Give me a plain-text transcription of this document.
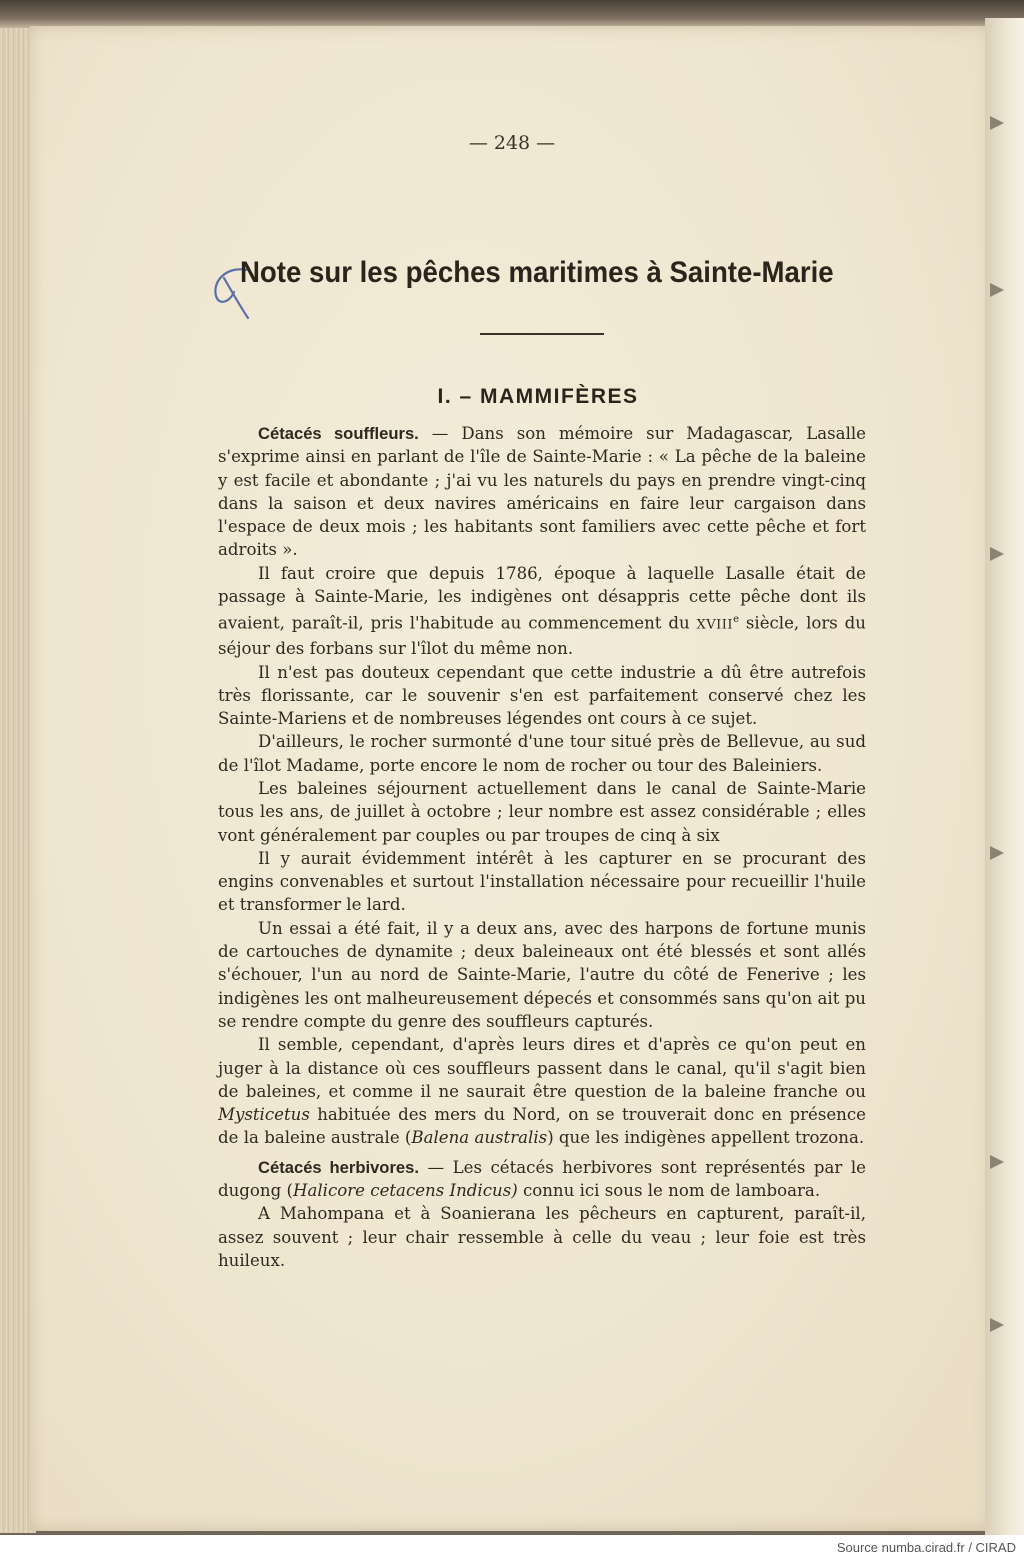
— 248 —
Note sur les pêches maritimes à Sainte-Marie
I. – MAMMIFÈRES

Cétacés souffleurs. — Dans son mémoire sur Madagascar, Lasalle s'exprime ainsi en parlant de l'île de Sainte-Marie : « La pêche de la baleine y est facile et abondante ; j'ai vu les naturels du pays en prendre vingt-cinq dans la saison et deux navires américains en faire leur cargaison dans l'espace de deux mois ; les habitants sont familiers avec cette pêche et fort adroits ».

Il faut croire que depuis 1786, époque à laquelle Lasalle était de passage à Sainte-Marie, les indigènes ont désappris cette pêche dont ils avaient, paraît-il, pris l'habitude au commencement du XVIIIe siècle, lors du séjour des forbans sur l'îlot du même non.

Il n'est pas douteux cependant que cette industrie a dû être autrefois très florissante, car le souvenir s'en est parfaitement conservé chez les Sainte-Mariens et de nombreuses légendes ont cours à ce sujet.

D'ailleurs, le rocher surmonté d'une tour situé près de Bellevue, au sud de l'îlot Madame, porte encore le nom de rocher ou tour des Baleiniers.

Les baleines séjournent actuellement dans le canal de Sainte-Marie tous les ans, de juillet à octobre ; leur nombre est assez considérable ; elles vont généralement par couples ou par troupes de cinq à six

Il y aurait évidemment intérêt à les capturer en se procurant des engins convenables et surtout l'installation nécessaire pour recueillir l'huile et transformer le lard.

Un essai a été fait, il y a deux ans, avec des harpons de fortune munis de cartouches de dynamite ; deux baleineaux ont été blessés et sont allés s'échouer, l'un au nord de Sainte-Marie, l'autre du côté de Fenerive ; les indigènes les ont malheureusement dépecés et consommés sans qu'on ait pu se rendre compte du genre des souffleurs capturés.

Il semble, cependant, d'après leurs dires et d'après ce qu'on peut en juger à la distance où ces souffleurs passent dans le canal, qu'il s'agit bien de baleines, et comme il ne saurait être question de la baleine franche ou Mysticetus habituée des mers du Nord, on se trouverait donc en présence de la baleine australe (Balena australis) que les indigènes appellent trozona.

Cétacés herbivores. — Les cétacés herbivores sont représentés par le dugong (Halicore cetacens Indicus) connu ici sous le nom de lamboara.

A Mahompana et à Soanierana les pêcheurs en capturent, paraît-il, assez souvent ; leur chair ressemble à celle du veau ; leur foie est très huileux.

Source numba.cirad.fr / CIRAD
